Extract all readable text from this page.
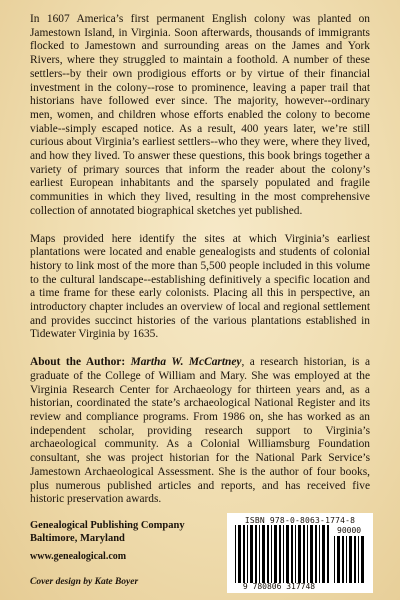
In 1607 America’s first permanent English colony was planted on Jamestown Island, in Virginia. Soon afterwards, thousands of immigrants flocked to Jamestown and surrounding areas on the James and York Rivers, where they struggled to maintain a foothold. A number of these settlers--by their own prodigious efforts or by virtue of their financial investment in the colony--rose to prominence, leaving a paper trail that historians have followed ever since. The majority, however--ordinary men, women, and children whose efforts enabled the colony to become viable--simply escaped notice. As a result, 400 years later, we’re still curious about Virginia’s earliest settlers--who they were, where they lived, and how they lived. To answer these questions, this book brings together a variety of primary sources that inform the reader about the colony’s earliest European inhabitants and the sparsely populated and fragile communities in which they lived, resulting in the most comprehensive collection of annotated biographical sketches yet published.

Maps provided here identify the sites at which Virginia’s earliest plantations were located and enable genealogists and students of colonial history to link most of the more than 5,500 people included in this volume to the cultural landscape--establishing definitively a specific location and a time frame for these early colonists. Placing all this in perspective, an introductory chapter includes an overview of local and regional settlement and provides succinct histories of the various plantations established in Tidewater Virginia by 1635.

About the Author: Martha W. McCartney, a research historian, is a graduate of the College of William and Mary. She was employed at the Virginia Research Center for Archaeology for thirteen years and, as a historian, coordinated the state’s archaeological National Register and its review and compliance programs. From 1986 on, she has worked as an independent scholar, providing research support to Virginia’s archaeological community. As a Colonial Williamsburg Foundation consultant, she was project historian for the National Park Service’s Jamestown Archaeological Assessment. She is the author of four books, plus numerous published articles and reports, and has received five historic preservation awards.

Genealogical Publishing Company
Baltimore, Maryland
www.genealogical.com
Cover design by Kate Boyer
ISBN 978-0-8063-1774-8
90000
9 780806 317748
